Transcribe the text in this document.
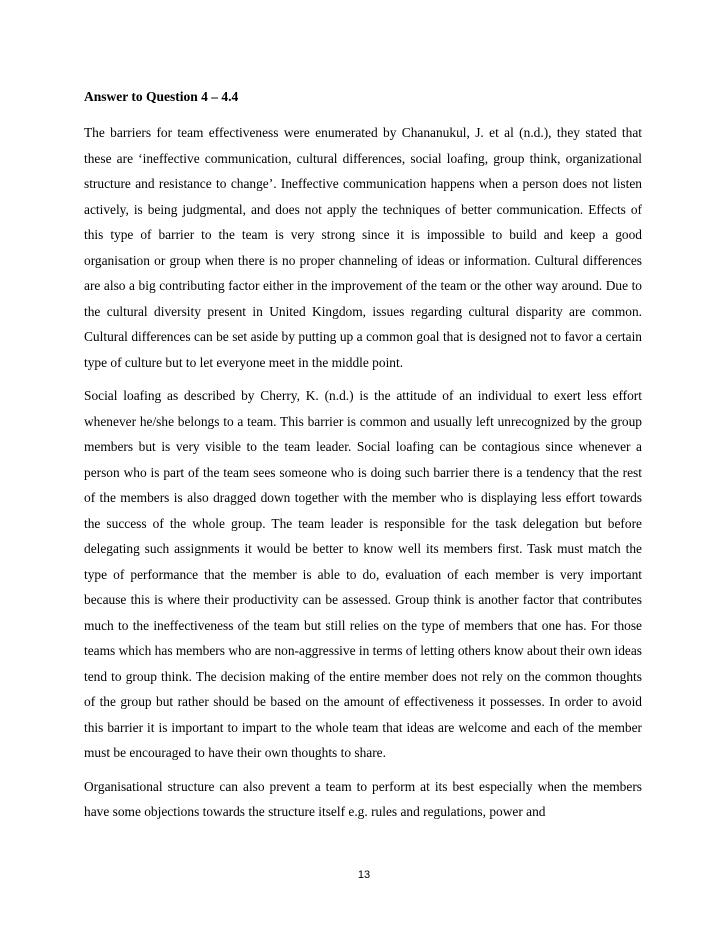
Answer to Question 4 – 4.4

The barriers for team effectiveness were enumerated by Chananukul, J. et al (n.d.), they stated that these are ‘ineffective communication, cultural differences, social loafing, group think, organizational structure and resistance to change’. Ineffective communication happens when a person does not listen actively, is being judgmental, and does not apply the techniques of better communication. Effects of this type of barrier to the team is very strong since it is impossible to build and keep a good organisation or group when there is no proper channeling of ideas or information. Cultural differences are also a big contributing factor either in the improvement of the team or the other way around. Due to the cultural diversity present in United Kingdom, issues regarding cultural disparity are common. Cultural differences can be set aside by putting up a common goal that is designed not to favor a certain type of culture but to let everyone meet in the middle point.

Social loafing as described by Cherry, K. (n.d.) is the attitude of an individual to exert less effort whenever he/she belongs to a team. This barrier is common and usually left unrecognized by the group members but is very visible to the team leader. Social loafing can be contagious since whenever a person who is part of the team sees someone who is doing such barrier there is a tendency that the rest of the members is also dragged down together with the member who is displaying less effort towards the success of the whole group. The team leader is responsible for the task delegation but before delegating such assignments it would be better to know well its members first. Task must match the type of performance that the member is able to do, evaluation of each member is very important because this is where their productivity can be assessed. Group think is another factor that contributes much to the ineffectiveness of the team but still relies on the type of members that one has. For those teams which has members who are non-aggressive in terms of letting others know about their own ideas tend to group think. The decision making of the entire member does not rely on the common thoughts of the group but rather should be based on the amount of effectiveness it possesses. In order to avoid this barrier it is important to impart to the whole team that ideas are welcome and each of the member must be encouraged to have their own thoughts to share.

Organisational structure can also prevent a team to perform at its best especially when the members have some objections towards the structure itself e.g. rules and regulations, power and

13
